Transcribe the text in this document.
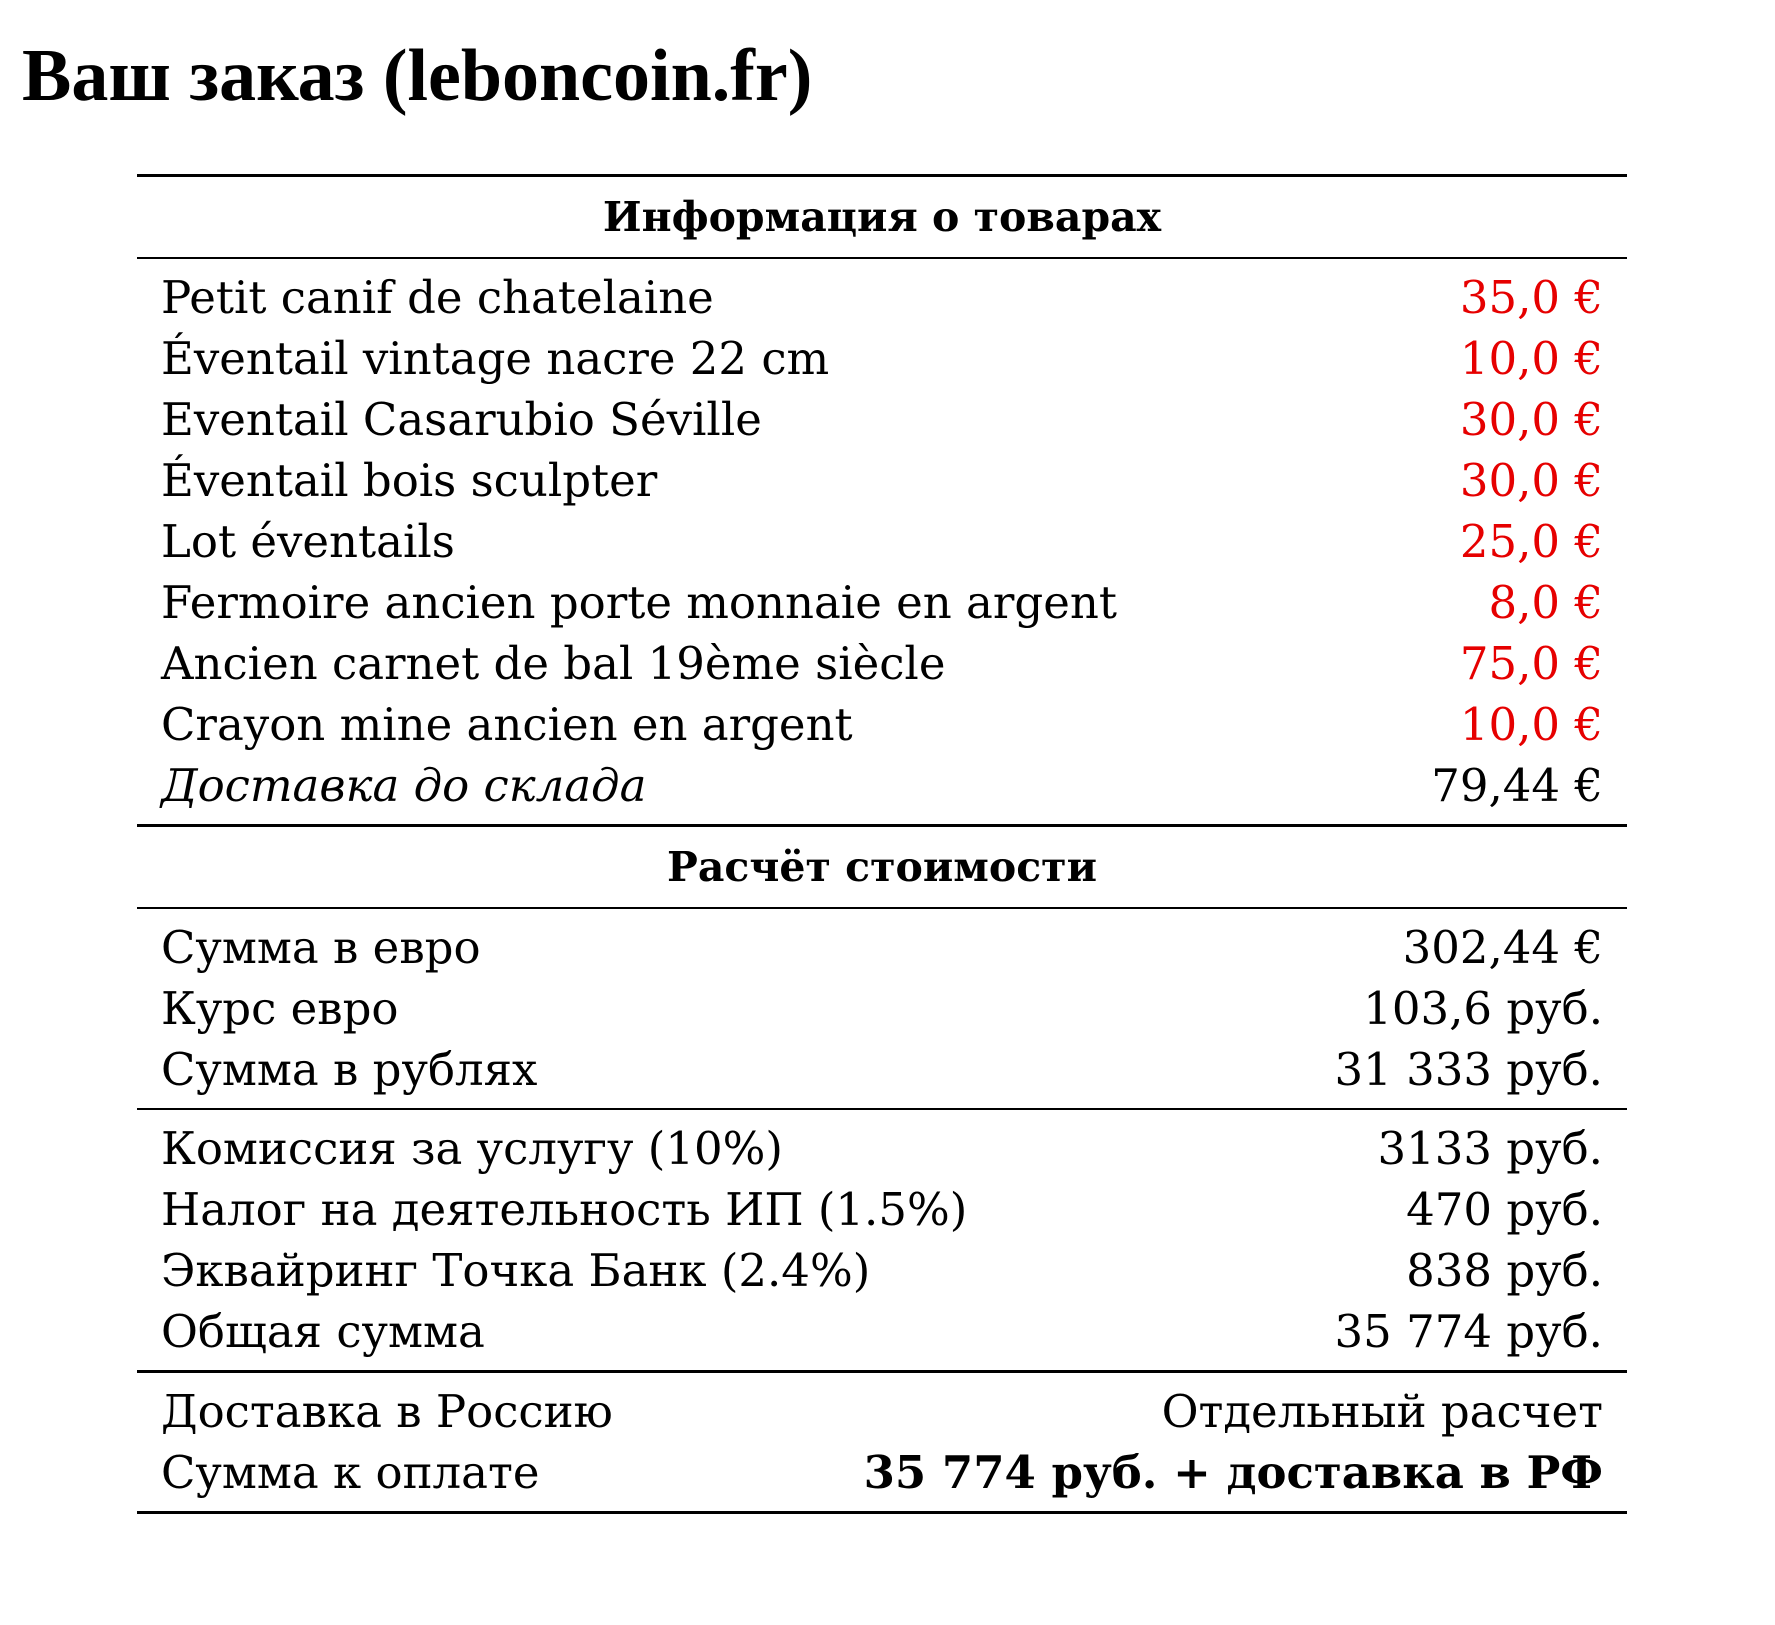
Ваш заказ (leboncoin.fr)
Информация о товарах
Petit canif de chatelaine	35,0 €
Éventail vintage nacre 22 cm	10,0 €
Eventail Casarubio Séville	30,0 €
Éventail bois sculpter	30,0 €
Lot éventails	25,0 €
Fermoire ancien porte monnaie en argent	8,0 €
Ancien carnet de bal 19ème siècle	75,0 €
Crayon mine ancien en argent	10,0 €
Доставка до склада	79,44 €
Расчёт стоимости
Сумма в евро	302,44 €
Курс евро	103,6 руб.
Сумма в рублях	31 333 руб.
Комиссия за услугу (10%)	3133 руб.
Налог на деятельность ИП (1.5%)	470 руб.
Эквайринг Точка Банк (2.4%)	838 руб.
Общая сумма	35 774 руб.
Доставка в Россию	Отдельный расчет
Сумма к оплате	35 774 руб. + доставка в РФ
